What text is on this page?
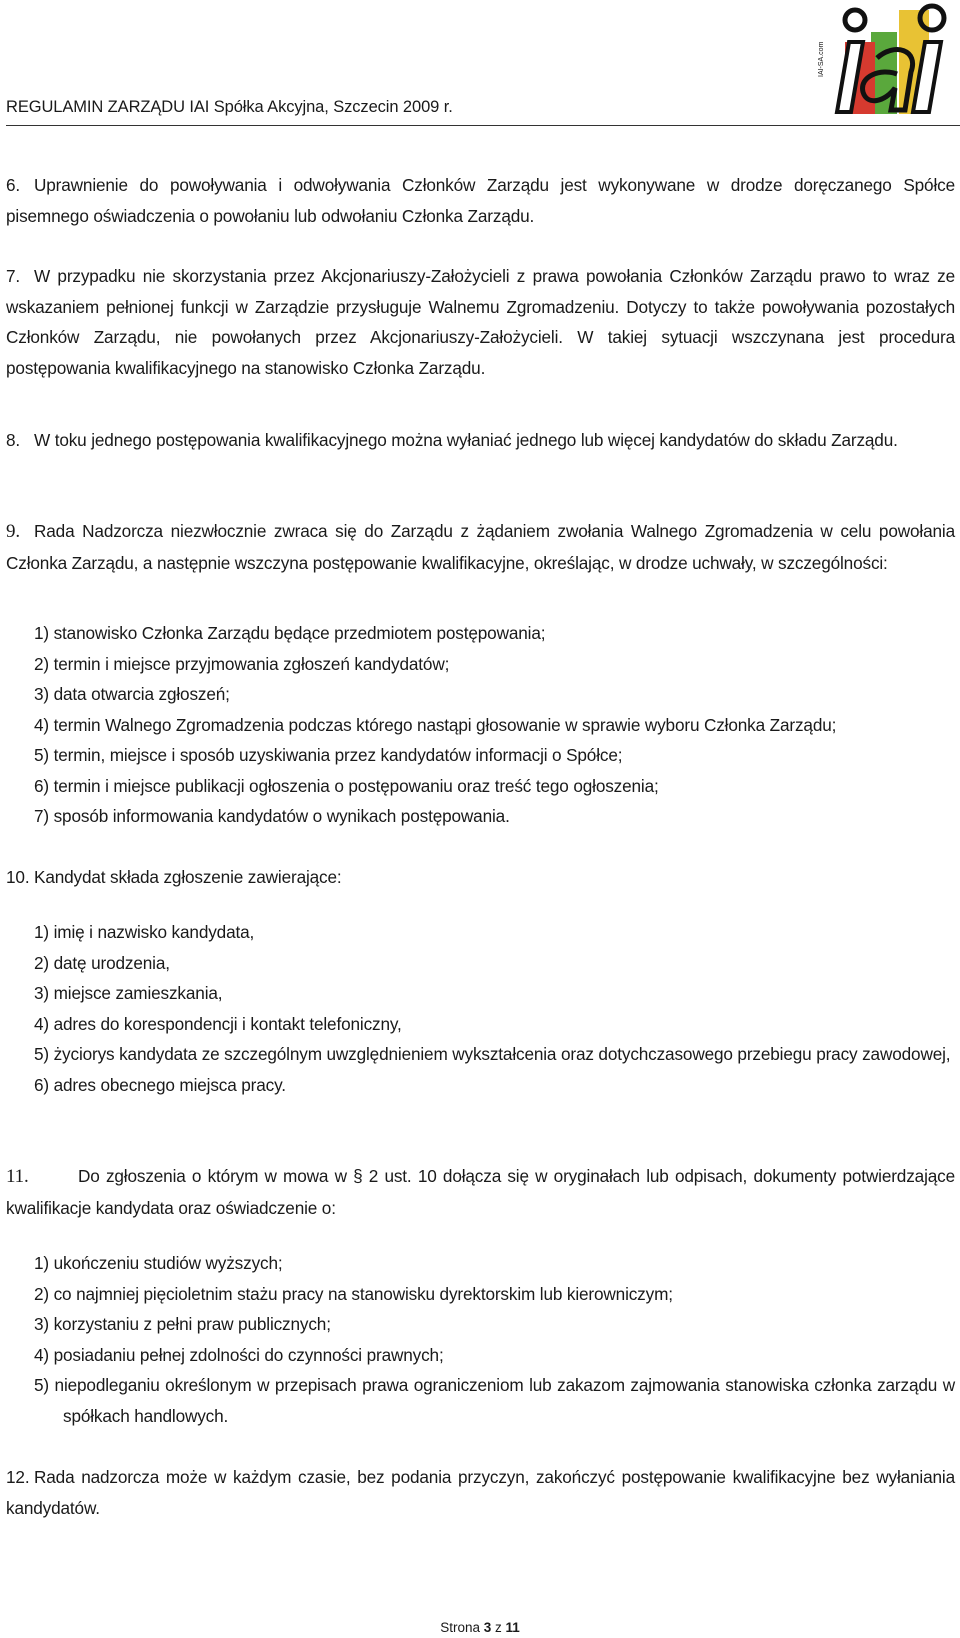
REGULAMIN ZARZĄDU IAI Spółka Akcyjna, Szczecin 2009 r.
IAI-SA.com
6. Uprawnienie do powoływania i odwoływania Członków Zarządu jest wykonywane w drodze doręczanego Spółce pisemnego oświadczenia o powołaniu lub odwołaniu Członka Zarządu.
7. W przypadku nie skorzystania przez Akcjonariuszy-Założycieli z prawa powołania Członków Zarządu prawo to wraz ze wskazaniem pełnionej funkcji w Zarządzie przysługuje Walnemu Zgromadzeniu. Dotyczy to także powoływania pozostałych Członków Zarządu, nie powołanych przez Akcjonariuszy-Założycieli. W takiej sytuacji wszczynana jest procedura postępowania kwalifikacyjnego na stanowisko Członka Zarządu.
8. W toku jednego postępowania kwalifikacyjnego można wyłaniać jednego lub więcej kandydatów do składu Zarządu.
9. Rada Nadzorcza niezwłocznie zwraca się do Zarządu z żądaniem zwołania Walnego Zgromadzenia w celu powołania Członka Zarządu, a następnie wszczyna postępowanie kwalifikacyjne, określając, w drodze uchwały, w szczególności:
1) stanowisko Członka Zarządu będące przedmiotem postępowania;
2) termin i miejsce przyjmowania zgłoszeń kandydatów;
3) data otwarcia zgłoszeń;
4) termin Walnego Zgromadzenia podczas którego nastąpi głosowanie w sprawie wyboru Członka Zarządu;
5) termin, miejsce i sposób uzyskiwania przez kandydatów informacji o Spółce;
6) termin i miejsce publikacji ogłoszenia o postępowaniu oraz treść tego ogłoszenia;
7) sposób informowania kandydatów o wynikach postępowania.
10. Kandydat składa zgłoszenie zawierające:
1) imię i nazwisko kandydata,
2) datę urodzenia,
3) miejsce zamieszkania,
4) adres do korespondencji i kontakt telefoniczny,
5) życiorys kandydata ze szczególnym uwzględnieniem wykształcenia oraz dotychczasowego przebiegu pracy zawodowej,
6) adres obecnego miejsca pracy.
11.	Do zgłoszenia o którym w mowa w § 2 ust. 10 dołącza się w oryginałach lub odpisach, dokumenty potwierdzające kwalifikacje kandydata oraz oświadczenie o:
1) ukończeniu studiów wyższych;
2) co najmniej pięcioletnim stażu pracy na stanowisku dyrektorskim lub kierowniczym;
3) korzystaniu z pełni praw publicznych;
4) posiadaniu pełnej zdolności do czynności prawnych;
5) niepodleganiu określonym w przepisach prawa ograniczeniom lub zakazom zajmowania stanowiska członka zarządu w spółkach handlowych.
12. Rada nadzorcza może w każdym czasie, bez podania przyczyn, zakończyć postępowanie kwalifikacyjne bez wyłaniania kandydatów.
Strona 3 z 11
